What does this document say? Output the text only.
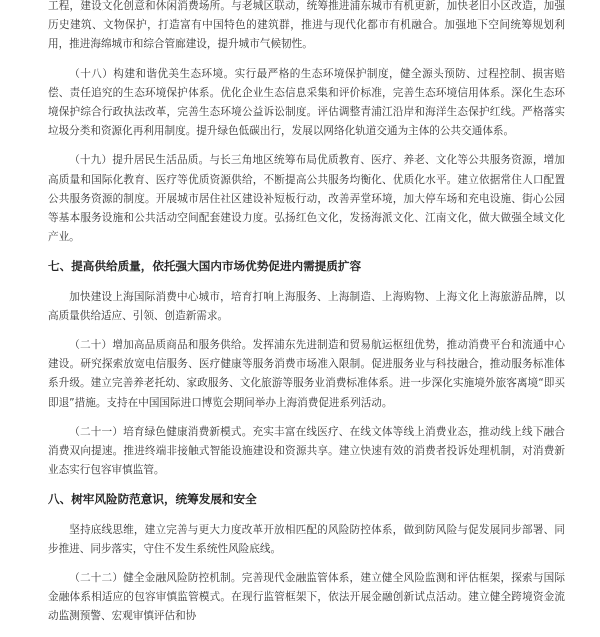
工程，建设文化创意和休闲消费场所。与老城区联动，统筹推进浦东城市有机更新，加快老旧小区改造，加强历史建筑、文物保护，打造富有中国特色的建筑群，推进与现代化都市有机融合。加强地下空间统筹规划利用，推进海绵城市和综合管廊建设，提升城市气候韧性。

（十八）构建和谐优美生态环境。实行最严格的生态环境保护制度，健全源头预防、过程控制、损害赔偿、责任追究的生态环境保护体系。优化企业生态信息采集和评价标准，完善生态环境信用体系。深化生态环境保护综合行政执法改革，完善生态环境公益诉讼制度。评估调整青浦江沿岸和海洋生态保护红线。严格落实垃圾分类和资源化再利用制度。提升绿色低碳出行，发展以网络化轨道交通为主体的公共交通体系。

（十九）提升居民生活品质。与长三角地区统筹布局优质教育、医疗、养老、文化等公共服务资源，增加高质量和国际化教育、医疗等优质资源供给，不断提高公共服务均衡化、优质化水平。建立依据常住人口配置公共服务资源的制度。开展城市居住社区建设补短板行动，改善弄堂环境，加大停车场和充电设施、街心公园等基本服务设施和公共活动空间配套建设力度。弘扬红色文化，发扬海派文化、江南文化，做大做强全域文化产业。

七、提高供给质量，依托强大国内市场优势促进内需提质扩容

加快建设上海国际消费中心城市，培育打响上海服务、上海制造、上海购物、上海文化上海旅游品牌，以高质量供给适应、引领、创造新需求。

（二十）增加高品质商品和服务供给。发挥浦东先进制造和贸易航运枢纽优势，推动消费平台和流通中心建设。研究探索放宽电信服务、医疗健康等服务消费市场准入限制。促进服务业与科技融合，推动服务标准体系升级。建立完善养老托幼、家政服务、文化旅游等服务业消费标准体系。进一步深化实施境外旅客离境“即买即退”措施。支持在中国国际进口博览会期间举办上海消费促进系列活动。

（二十一）培育绿色健康消费新模式。充实丰富在线医疗、在线文体等线上消费业态，推动线上线下融合消费双向提速。推进终端非接触式智能设施建设和资源共享。建立快速有效的消费者投诉处理机制，对消费新业态实行包容审慎监管。

八、树牢风险防范意识，统筹发展和安全

坚持底线思维，建立完善与更大力度改革开放相匹配的风险防控体系，做到防风险与促发展同步部署、同步推进、同步落实，守住不发生系统性风险底线。

（二十二）健全金融风险防控机制。完善现代金融监管体系，建立健全风险监测和评估框架，探索与国际金融体系相适应的包容审慎监管模式。在现行监管框架下，依法开展金融创新试点活动。建立健全跨境资金流动监测预警、宏观审慎评估和协
